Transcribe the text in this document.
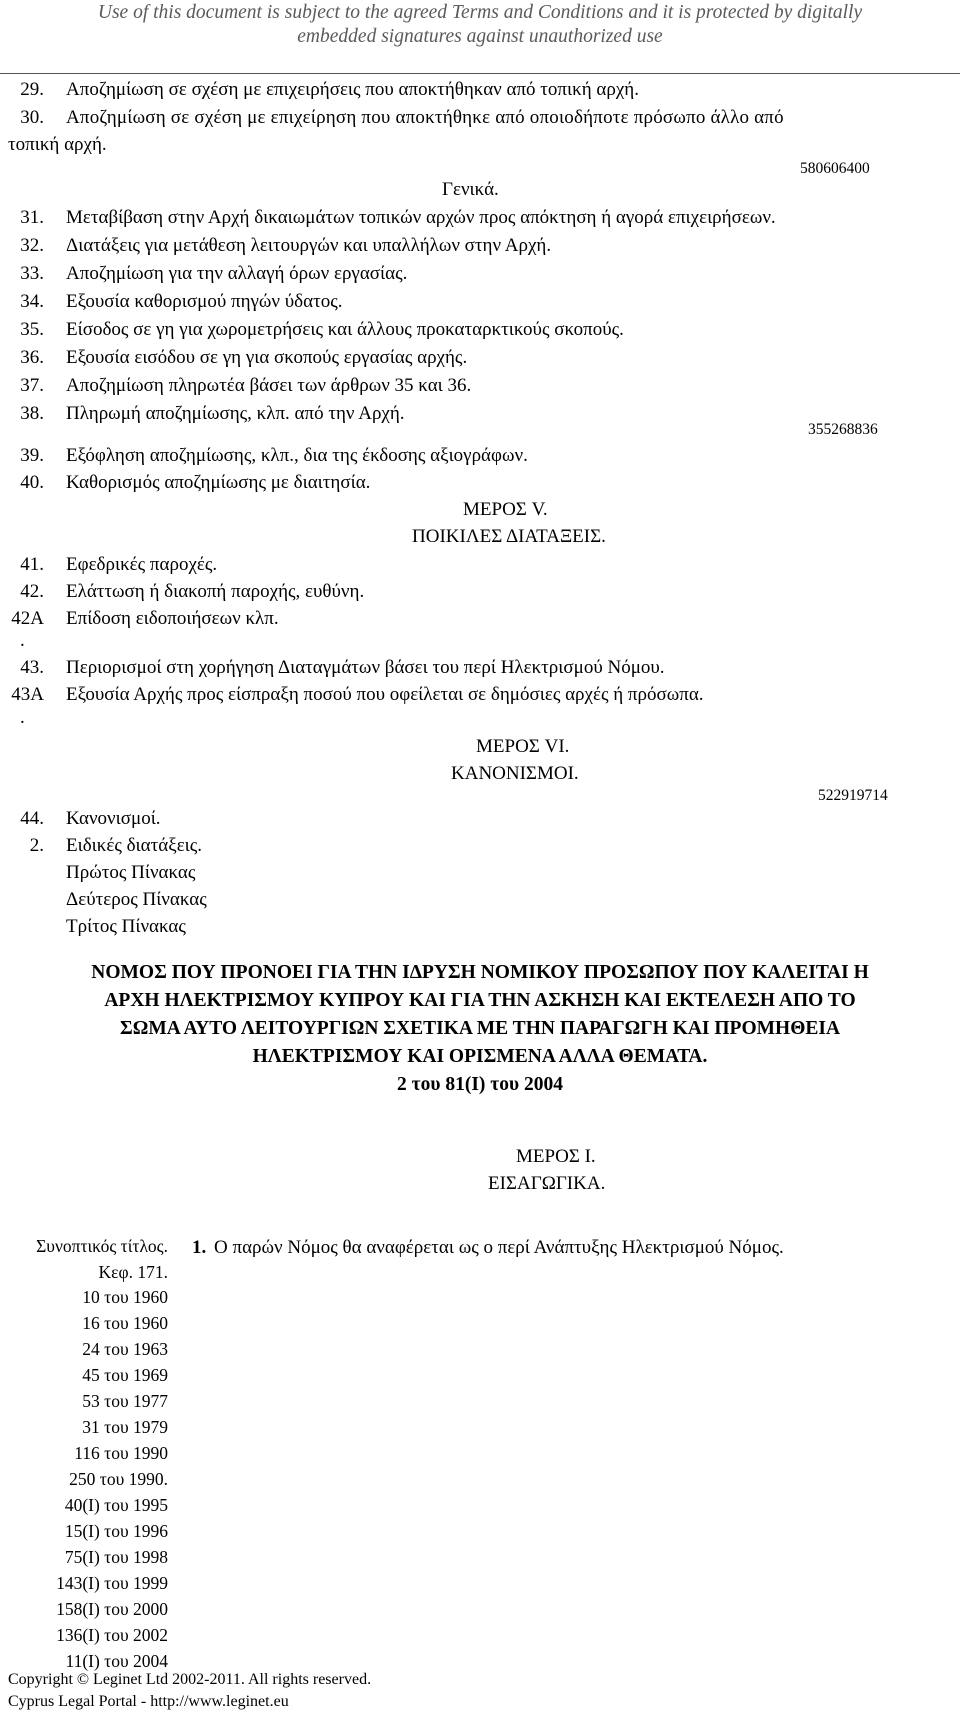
Use of this document is subject to the agreed Terms and Conditions and it is protected by digitally
embedded signatures against unauthorized use
29. Αποζημίωση σε σχέση με επιχειρήσεις που αποκτήθηκαν από τοπική αρχή.
30. Αποζημίωση σε σχέση με επιχείρηση που αποκτήθηκε από οποιοδήποτε πρόσωπο άλλο από
τοπική αρχή.
580606400
Γενικά.
31. Μεταβίβαση στην Αρχή δικαιωμάτων τοπικών αρχών προς απόκτηση ή αγορά επιχειρήσεων.
32. Διατάξεις για μετάθεση λειτουργών και υπαλλήλων στην Αρχή.
33. Αποζημίωση για την αλλαγή όρων εργασίας.
34. Εξουσία καθορισμού πηγών ύδατος.
35. Είσοδος σε γη για χωρομετρήσεις και άλλους προκαταρκτικούς σκοπούς.
36. Εξουσία εισόδου σε γη για σκοπούς εργασίας αρχής.
37. Αποζημίωση πληρωτέα βάσει των άρθρων 35 και 36.
38. Πληρωμή αποζημίωσης, κλπ. από την Αρχή.
355268836
39. Εξόφληση αποζημίωσης, κλπ., δια της έκδοσης αξιογράφων.
40. Καθορισμός αποζημίωσης με διαιτησία.
ΜΕΡΟΣ V.
ΠΟΙΚΙΛΕΣ ΔΙΑΤΑΞΕΙΣ.
41. Εφεδρικές παροχές.
42. Ελάττωση ή διακοπή παροχής, ευθύνη.
42Α Επίδοση ειδοποιήσεων κλπ.
.
43. Περιορισμοί στη χορήγηση Διαταγμάτων βάσει του περί Ηλεκτρισμού Νόμου.
43Α Εξουσία Αρχής προς είσπραξη ποσού που οφείλεται σε δημόσιες αρχές ή πρόσωπα.
.
ΜΕΡΟΣ VI.
ΚΑΝΟΝΙΣΜΟΙ.
522919714
44. Κανονισμοί.
2. Ειδικές διατάξεις.
Πρώτος Πίνακας
Δεύτερος Πίνακας
Τρίτος Πίνακας
ΝΟΜΟΣ ΠΟΥ ΠΡΟΝΟΕΙ ΓΙΑ ΤΗΝ ΙΔΡΥΣΗ ΝΟΜΙΚΟΥ ΠΡΟΣΩΠΟΥ ΠΟΥ ΚΑΛΕΙΤΑΙ Η
ΑΡΧΗ ΗΛΕΚΤΡΙΣΜΟΥ ΚΥΠΡΟΥ ΚΑΙ ΓΙΑ ΤΗΝ ΑΣΚΗΣΗ ΚΑΙ ΕΚΤΕΛΕΣΗ ΑΠΟ ΤΟ
ΣΩΜΑ ΑΥΤΟ ΛΕΙΤΟΥΡΓΙΩΝ ΣΧΕΤΙΚΑ ΜΕ ΤΗΝ ΠΑΡΑΓΩΓΗ ΚΑΙ ΠΡΟΜΗΘΕΙΑ
ΗΛΕΚΤΡΙΣΜΟΥ ΚΑΙ ΟΡΙΣΜΕΝΑ ΑΛΛΑ ΘΕΜΑΤΑ.
2 του 81(Ι) του 2004
ΜΕΡΟΣ Ι.
ΕΙΣΑΓΩΓΙΚΑ.
Συνοπτικός τίτλος.
Κεφ. 171.
10 του 1960
16 του 1960
24 του 1963
45 του 1969
53 του 1977
31 του 1979
116 του 1990
250 του 1990.
40(Ι) του 1995
15(Ι) του 1996
75(Ι) του 1998
143(Ι) του 1999
158(Ι) του 2000
136(Ι) του 2002
11(Ι) του 2004
1. Ο παρών Νόμος θα αναφέρεται ως ο περί Ανάπτυξης Ηλεκτρισμού Νόμος.
Copyright © Leginet Ltd 2002-2011. All rights reserved.
Cyprus Legal Portal - http://www.leginet.eu
